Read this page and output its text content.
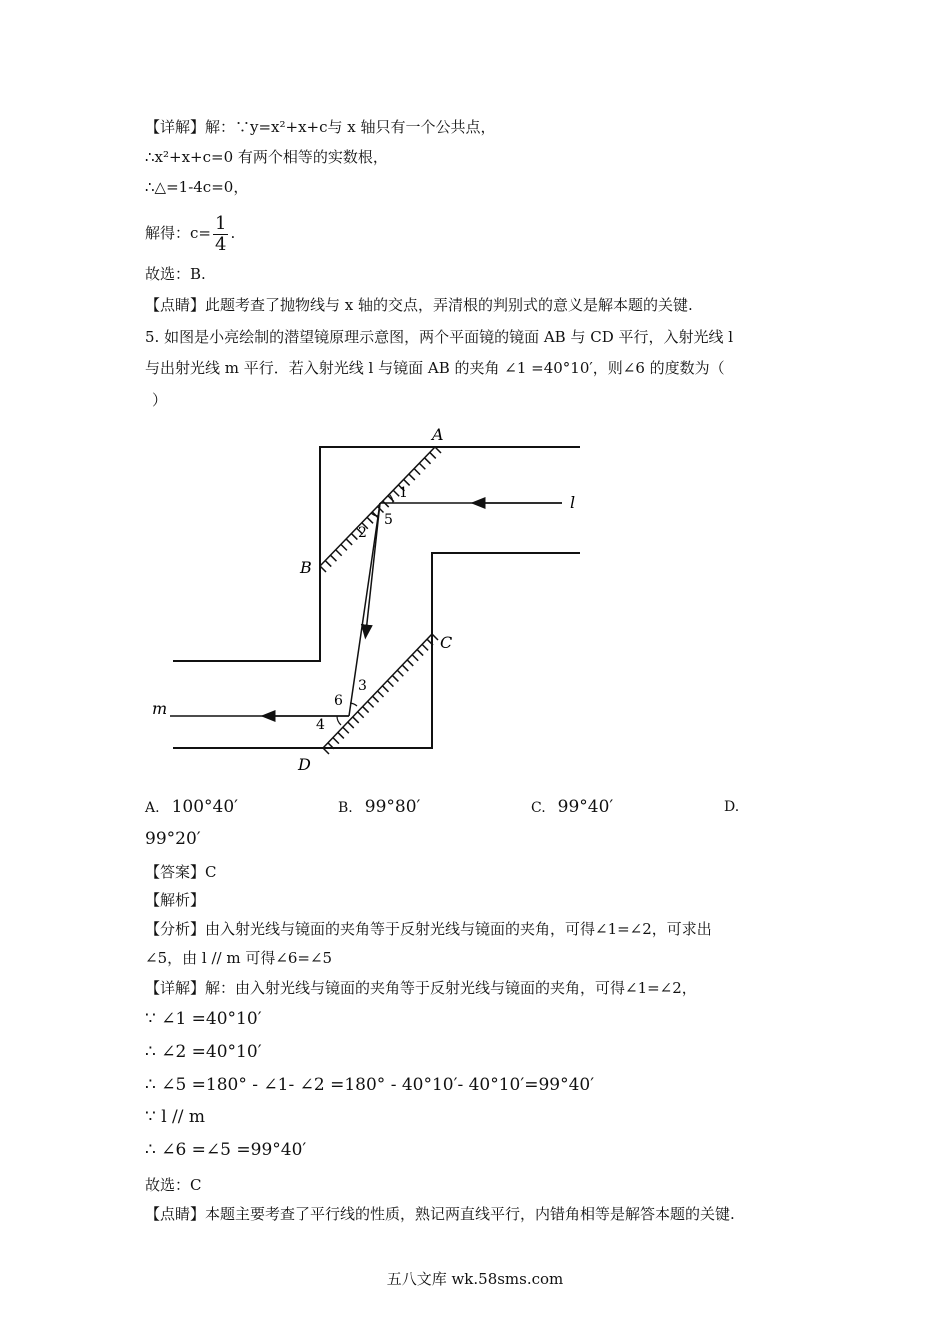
【详解】解：∵y=x²+x+c与 x 轴只有一个公共点，
∴x²+x+c=0 有两个相等的实数根，
∴△=1-4c=0，
解得：$c= \frac{1}{4}$ .
故选：B.
【点睛】此题考查了抛物线与 x 轴的交点，弄清根的判别式的意义是解本题的关键.
5. 如图是小亮绘制的潜望镜原理示意图，两个平面镜的镜面 AB 与 CD 平行，入射光线 l
与出射光线 m 平行．若入射光线 l 与镜面 AB 的夹角 ∠1 =40°10′，则∠6 的度数为（
）
A
B
C
D
l
m
1
2
3
4
5
6
A. 100°40′	B. 99°80′	C. 99°40′	D.
99°20′
【答案】C
【解析】
【分析】由入射光线与镜面的夹角等于反射光线与镜面的夹角，可得∠1=∠2，可求出
∠5，由 l // m 可得∠6=∠5
【详解】解：由入射光线与镜面的夹角等于反射光线与镜面的夹角，可得∠1=∠2，
∵ ∠1 =40°10′
∴ ∠2 =40°10′
∴ ∠5 =180° - ∠1- ∠2 =180° - 40°10′- 40°10′=99°40′
∵ l // m
∴ ∠6 =∠5 =99°40′
故选：C
【点睛】本题主要考查了平行线的性质，熟记两直线平行，内错角相等是解答本题的关键.
五八文库 wk.58sms.com
